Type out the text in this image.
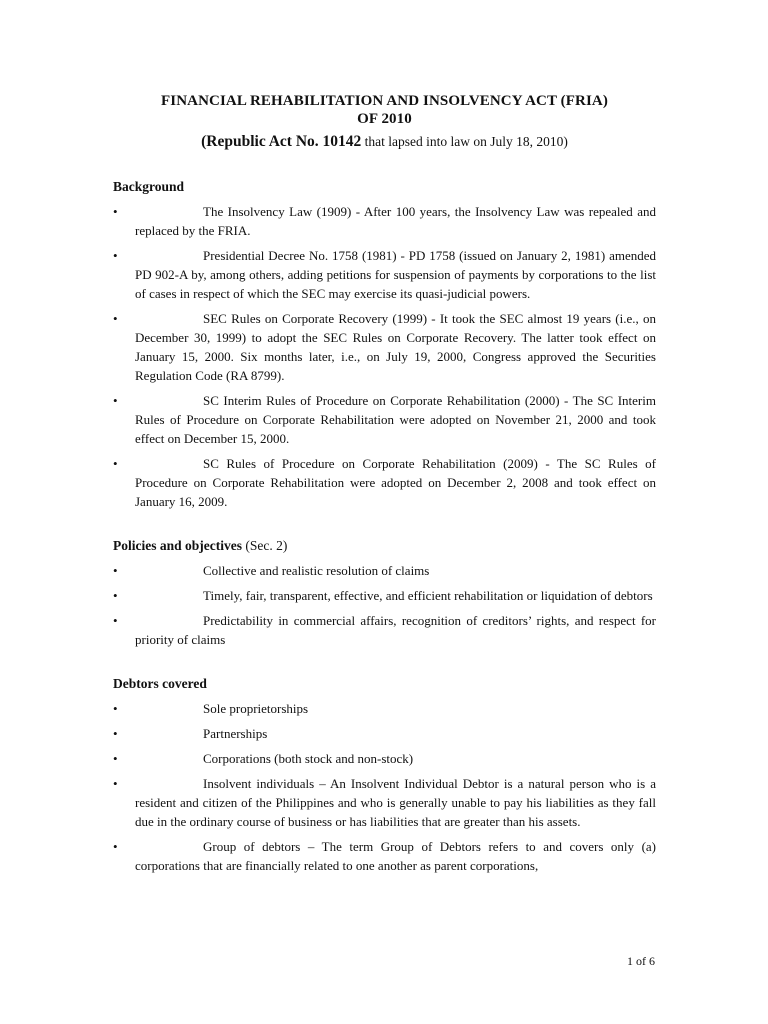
FINANCIAL REHABILITATION AND INSOLVENCY ACT (FRIA)
OF 2010
(Republic Act No. 10142 that lapsed into law on July 18, 2010)
Background
•	The Insolvency Law (1909) - After 100 years, the Insolvency Law was repealed and replaced by the FRIA.
•	Presidential Decree No. 1758 (1981) - PD 1758 (issued on January 2, 1981) amended PD 902-A by, among others, adding petitions for suspension of payments by corporations to the list of cases in respect of which the SEC may exercise its quasi-judicial powers.
•	SEC Rules on Corporate Recovery (1999) - It took the SEC almost 19 years (i.e., on December 30, 1999) to adopt the SEC Rules on Corporate Recovery. The latter took effect on January 15, 2000. Six months later, i.e., on July 19, 2000, Congress approved the Securities Regulation Code (RA 8799).
•	SC Interim Rules of Procedure on Corporate Rehabilitation (2000) - The SC Interim Rules of Procedure on Corporate Rehabilitation were adopted on November 21, 2000 and took effect on December 15, 2000.
•	SC Rules of Procedure on Corporate Rehabilitation (2009) - The SC Rules of Procedure on Corporate Rehabilitation were adopted on December 2, 2008 and took effect on January 16, 2009.
Policies and objectives (Sec. 2)
•	Collective and realistic resolution of claims
•	Timely, fair, transparent, effective, and efficient rehabilitation or liquidation of debtors
•	Predictability in commercial affairs, recognition of creditors’ rights, and respect for priority of claims
Debtors covered
•	Sole proprietorships
•	Partnerships
•	Corporations (both stock and non-stock)
•	Insolvent individuals – An Insolvent Individual Debtor is a natural person who is a resident and citizen of the Philippines and who is generally unable to pay his liabilities as they fall due in the ordinary course of business or has liabilities that are greater than his assets.
•	Group of debtors – The term Group of Debtors refers to and covers only (a) corporations that are financially related to one another as parent corporations,
1 of 6
